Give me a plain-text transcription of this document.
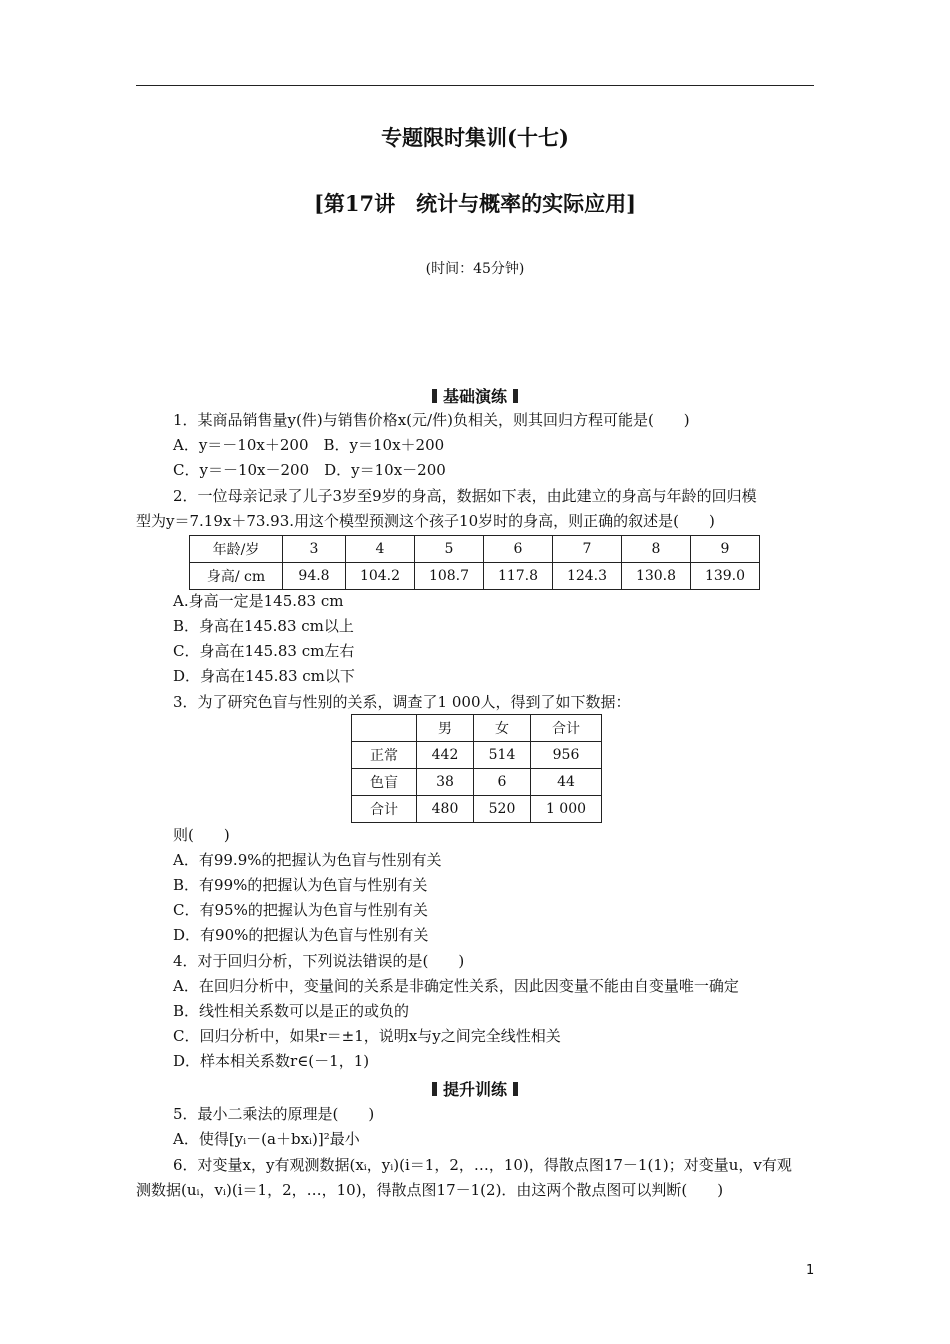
专题限时集训(十七)
[第17讲　统计与概率的实际应用]
(时间：45分钟)
基础演练
1．某商品销售量y(件)与销售价格x(元/件)负相关，则其回归方程可能是(　　)
A．y＝－10x＋200　B．y＝10x＋200
C．y＝－10x－200　D．y＝10x－200
2．一位母亲记录了儿子3岁至9岁的身高，数据如下表，由此建立的身高与年龄的回归模
型为y＝7.19x＋73.93.用这个模型预测这个孩子10岁时的身高，则正确的叙述是(　　)
年龄/岁	3	4	5	6	7	8	9
身高/ cm	94.8	104.2	108.7	117.8	124.3	130.8	139.0
A.身高一定是145.83 cm
B．身高在145.83 cm以上
C．身高在145.83 cm左右
D．身高在145.83 cm以下
3．为了研究色盲与性别的关系，调查了1 000人，得到了如下数据：
	男	女	合计
正常	442	514	956
色盲	38	6	44
合计	480	520	1 000
则(　　)
A．有99.9%的把握认为色盲与性别有关
B．有99%的把握认为色盲与性别有关
C．有95%的把握认为色盲与性别有关
D．有90%的把握认为色盲与性别有关
4．对于回归分析，下列说法错误的是(　　)
A．在回归分析中，变量间的关系是非确定性关系，因此因变量不能由自变量唯一确定
B．线性相关系数可以是正的或负的
C．回归分析中，如果r＝±1，说明x与y之间完全线性相关
D．样本相关系数r∈(－1，1)
提升训练
5．最小二乘法的原理是(　　)
A．使得[yᵢ－(a＋bxᵢ)]²最小
6．对变量x，y有观测数据(xᵢ，yᵢ)(i＝1，2，…，10)，得散点图17－1(1)；对变量u，v有观
测数据(uᵢ，vᵢ)(i＝1，2，…，10)，得散点图17－1(2)．由这两个散点图可以判断(　　)
1
